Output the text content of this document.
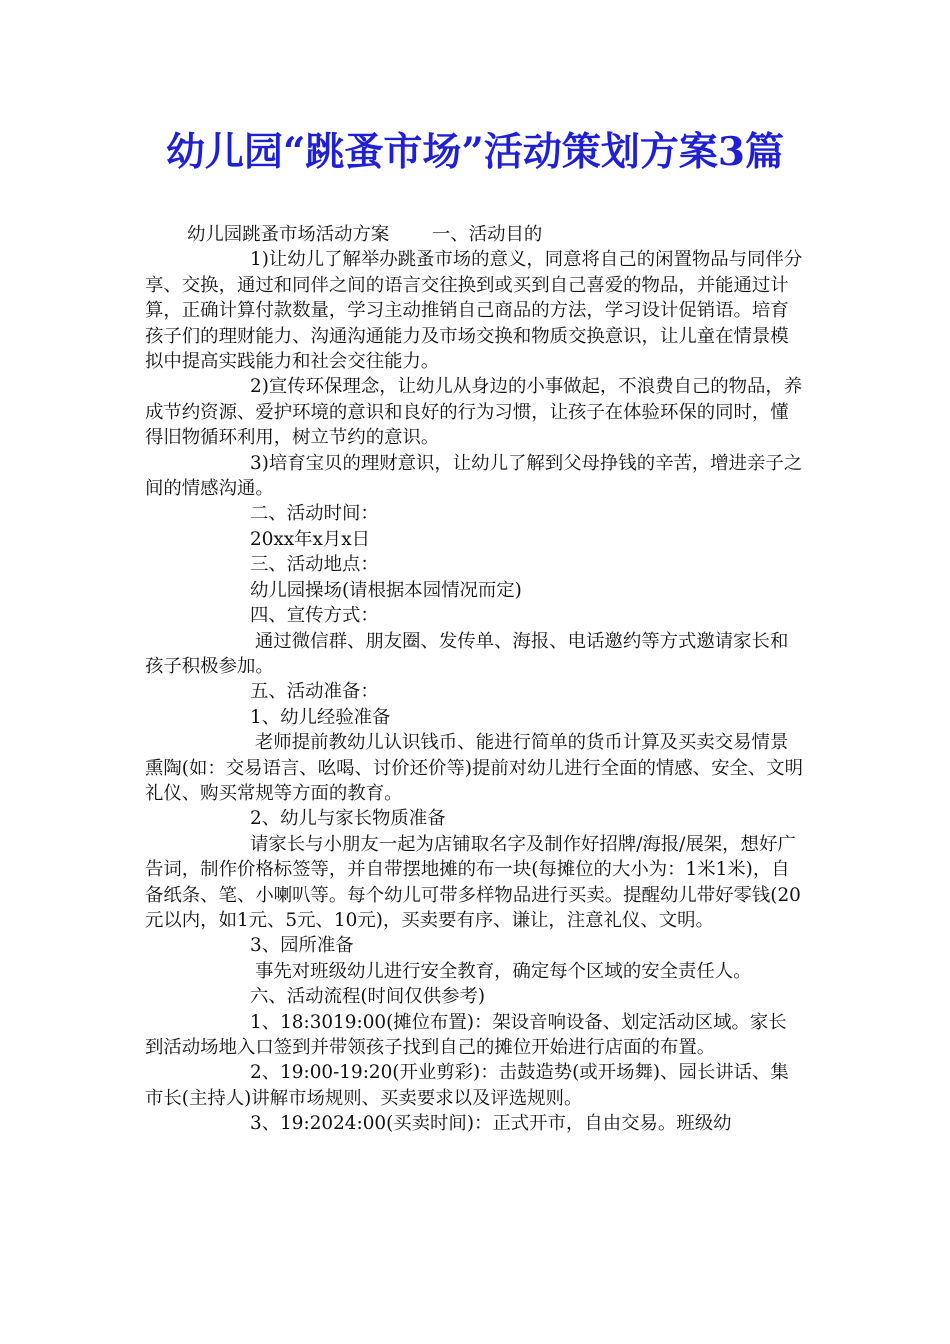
幼儿园“跳蚤市场”活动策划方案3篇

幼儿园跳蚤市场活动方案　　 一、活动目的

1)让幼儿了解举办跳蚤市场的意义，同意将自己的闲置物品与同伴分享、交换，通过和同伴之间的语言交往换到或买到自己喜爱的物品，并能通过计算，正确计算付款数量，学习主动推销自己商品的方法，学习设计促销语。培育孩子们的理财能力、沟通沟通能力及市场交换和物质交换意识，让儿童在情景模拟中提高实践能力和社会交往能力。

2)宣传环保理念，让幼儿从身边的小事做起，不浪费自己的物品，养成节约资源、爱护环境的意识和良好的行为习惯，让孩子在体验环保的同时，懂得旧物循环利用，树立节约的意识。

3)培育宝贝的理财意识，让幼儿了解到父母挣钱的辛苦，增进亲子之间的情感沟通。

二、活动时间：

20xx年x月x日

三、活动地点：

幼儿园操场(请根据本园情况而定)

四、宣传方式：

通过微信群、朋友圈、发传单、海报、电话邀约等方式邀请家长和孩子积极参加。

五、活动准备：

1、幼儿经验准备

老师提前教幼儿认识钱币、能进行简单的货币计算及买卖交易情景熏陶(如：交易语言、吆喝、讨价还价等)提前对幼儿进行全面的情感、安全、文明礼仪、购买常规等方面的教育。

2、幼儿与家长物质准备

请家长与小朋友一起为店铺取名字及制作好招牌/海报/展架，想好广告词，制作价格标签等，并自带摆地摊的布一块(每摊位的大小为：1米1米)，自备纸条、笔、小喇叭等。每个幼儿可带多样物品进行买卖。提醒幼儿带好零钱(20元以内，如1元、5元、10元)，买卖要有序、谦让，注意礼仪、文明。

3、园所准备

事先对班级幼儿进行安全教育，确定每个区域的安全责任人。

六、活动流程(时间仅供参考)

1、18:3019:00(摊位布置)：架设音响设备、划定活动区域。家长到活动场地入口签到并带领孩子找到自己的摊位开始进行店面的布置。

2、19:00-19:20(开业剪彩)：击鼓造势(或开场舞)、园长讲话、集市长(主持人)讲解市场规则、买卖要求以及评选规则。

3、19:2024:00(买卖时间)：正式开市，自由交易。班级幼
